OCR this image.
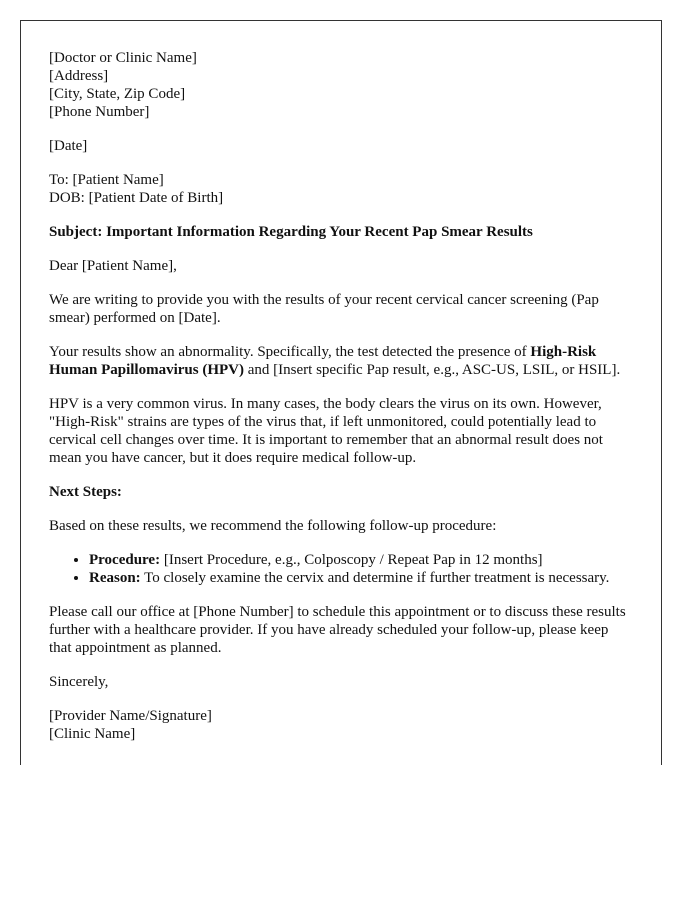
[Doctor or Clinic Name]
[Address]
[City, State, Zip Code]
[Phone Number]

[Date]

To: [Patient Name]
DOB: [Patient Date of Birth]

Subject: Important Information Regarding Your Recent Pap Smear Results

Dear [Patient Name],

We are writing to provide you with the results of your recent cervical cancer screening (Pap smear) performed on [Date].

Your results show an abnormality. Specifically, the test detected the presence of High-Risk Human Papillomavirus (HPV) and [Insert specific Pap result, e.g., ASC-US, LSIL, or HSIL].

HPV is a very common virus. In many cases, the body clears the virus on its own. However, "High-Risk" strains are types of the virus that, if left unmonitored, could potentially lead to cervical cell changes over time. It is important to remember that an abnormal result does not mean you have cancer, but it does require medical follow-up.

Next Steps:

Based on these results, we recommend the following follow-up procedure:

• Procedure: [Insert Procedure, e.g., Colposcopy / Repeat Pap in 12 months]
• Reason: To closely examine the cervix and determine if further treatment is necessary.

Please call our office at [Phone Number] to schedule this appointment or to discuss these results further with a healthcare provider. If you have already scheduled your follow-up, please keep that appointment as planned.

Sincerely,

[Provider Name/Signature]
[Clinic Name]
